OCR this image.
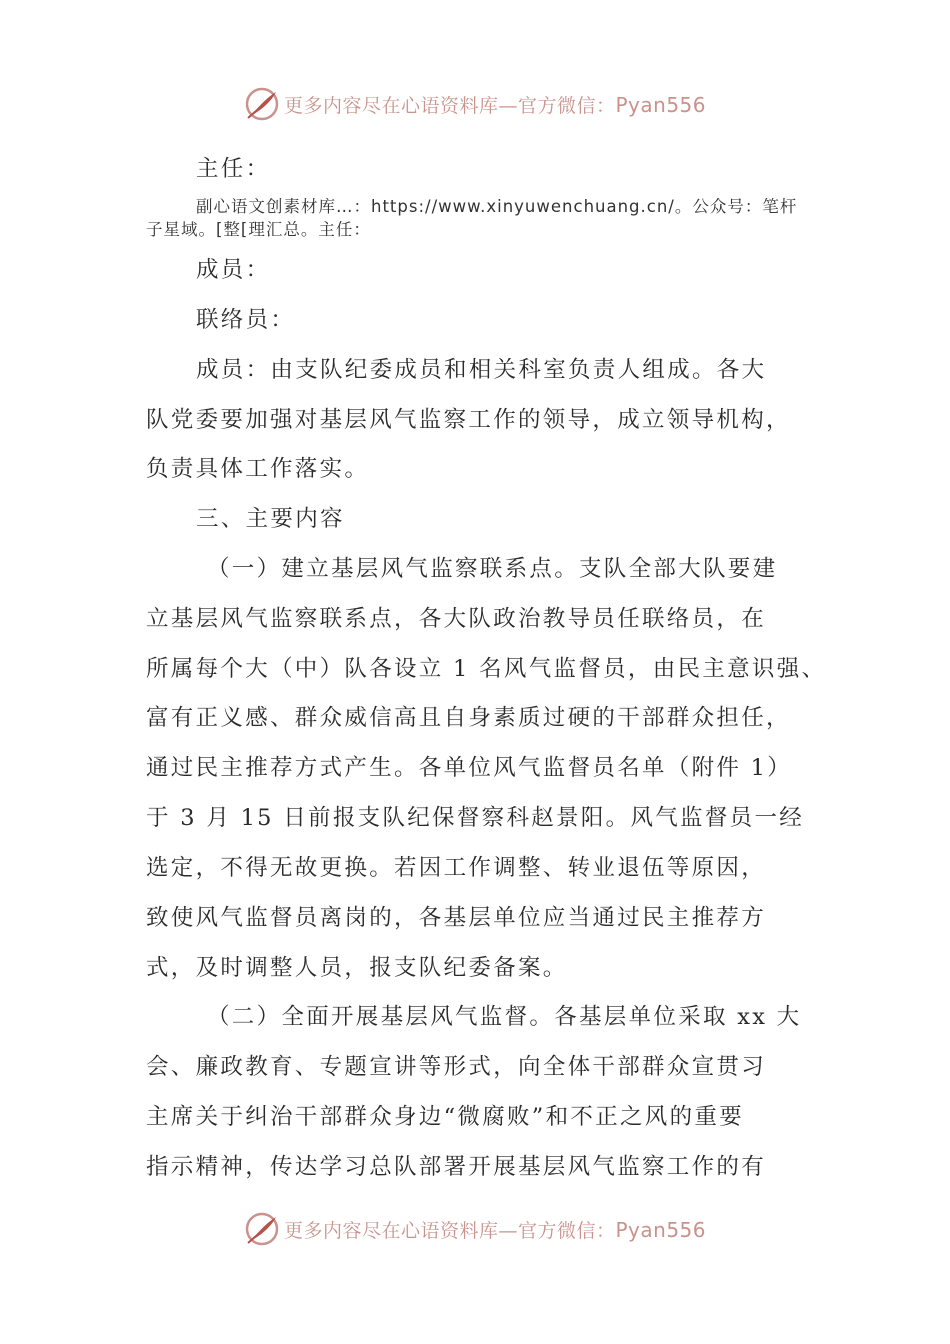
更多内容尽在心语资料库—官方微信：Pyan556
主任：
副心语文创素材库…：https://www.xinyuwenchuang.cn/。公众号：笔杆
子星域。[整[理汇总。主任：
成员：
联络员：
成员：由支队纪委成员和相关科室负责人组成。各大
队党委要加强对基层风气监察工作的领导，成立领导机构，
负责具体工作落实。
三、主要内容
（一）建立基层风气监察联系点。支队全部大队要建
立基层风气监察联系点，各大队政治教导员任联络员，在
所属每个大（中）队各设立 1 名风气监督员，由民主意识强、
富有正义感、群众威信高且自身素质过硬的干部群众担任，
通过民主推荐方式产生。各单位风气监督员名单（附件 1）
于 3 月 15 日前报支队纪保督察科赵景阳。风气监督员一经
选定，不得无故更换。若因工作调整、转业退伍等原因，
致使风气监督员离岗的，各基层单位应当通过民主推荐方
式，及时调整人员，报支队纪委备案。
（二）全面开展基层风气监督。各基层单位采取 xx 大
会、廉政教育、专题宣讲等形式，向全体干部群众宣贯习
主席关于纠治干部群众身边“微腐败”和不正之风的重要
指示精神，传达学习总队部署开展基层风气监察工作的有
更多内容尽在心语资料库—官方微信：Pyan556
